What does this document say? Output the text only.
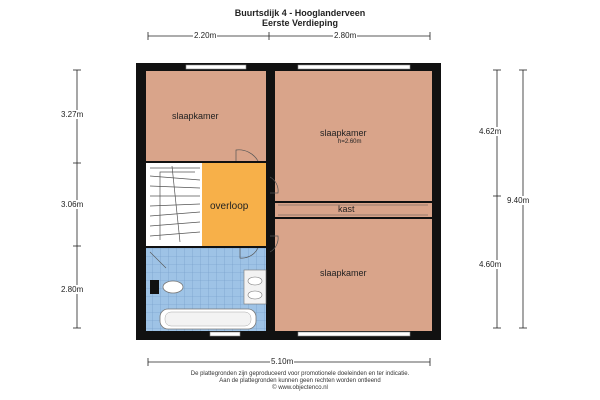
Buurtsdijk 4 - Hooglanderveen
Eerste Verdieping
2.20m	2.80m
3.27m
3.06m
2.80m
4.62m
4.60m
9.40m
5.10m
slaapkamer
slaapkamer
h=2.60m
overloop	kast
slaapkamer
De plattegronden zijn geproduceerd voor promotionele doeleinden en ter indicatie.
Aan de plattegronden kunnen geen rechten worden ontleend
© www.objectenco.nl
